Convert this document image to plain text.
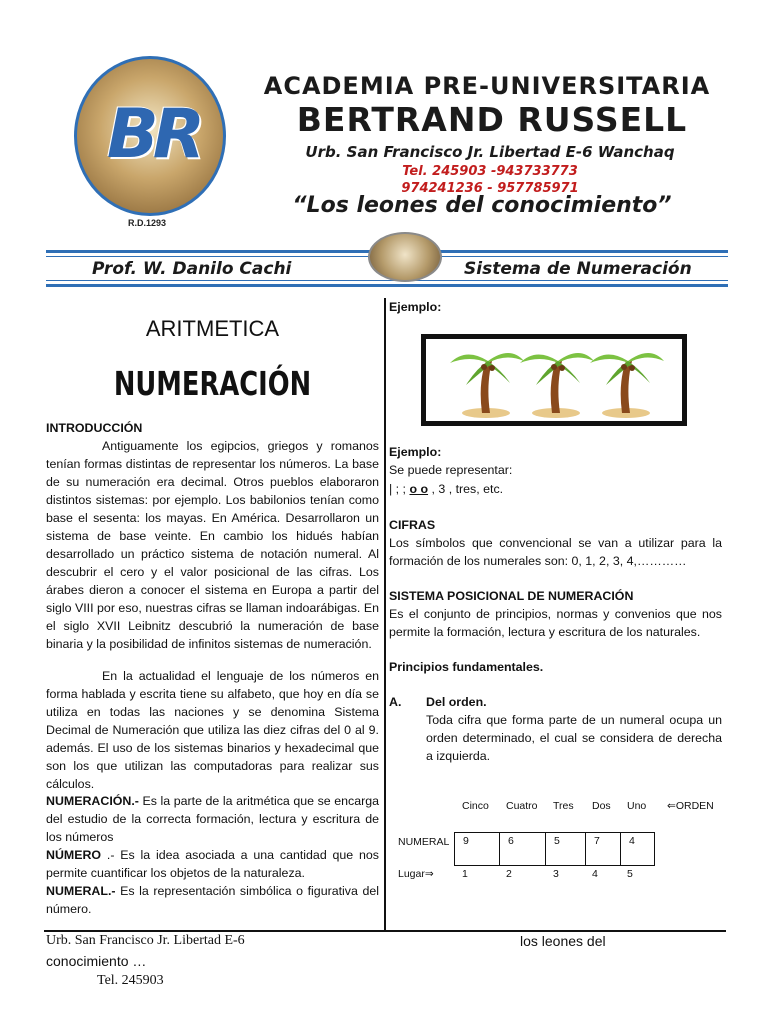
BR
R.D.1293
ACADEMIA PRE-UNIVERSITARIA
BERTRAND RUSSELL
Urb. San Francisco Jr. Libertad E-6 Wanchaq
Tel. 245903 -943733773
974241236 - 957785971
“Los leones del conocimiento”
Prof. W. Danilo Cachi	Sistema de Numeración
ARITMETICA
NUMERACIÓN
INTRODUCCIÓN
Antiguamente los egipcios, griegos y romanos tenían formas distintas de representar los números. La base de su numeración era decimal. Otros pueblos elaboraron distintos sistemas: por ejemplo. Los babilonios tenían como base el sesenta: los mayas. En América. Desarrollaron un sistema de base veinte. En cambio los hidués habían desarrollado un práctico sistema de notación numeral. Al descubrir el cero y el valor posicional de las cifras. Los árabes dieron a conocer el sistema en Europa a partir del siglo VIII por eso, nuestras cifras se llaman indoarábigas. En el siglo XVII Leibnitz descubrió la numeración de base binaria y la posibilidad de infinitos sistemas de numeración.
En la actualidad el lenguaje de los números en forma hablada y escrita tiene su alfabeto, que hoy en día se utiliza en todas las naciones y se denomina Sistema Decimal de Numeración que utiliza las diez cifras del 0 al 9. además. El uso de los sistemas binarios y hexadecimal que son los que utilizan las computadoras para realizar sus cálculos.
NUMERACIÓN.- Es la parte de la aritmética que se encarga del estudio de la correcta formación, lectura y escritura de los números
NÚMERO .- Es la idea asociada a una cantidad que nos permite cuantificar los objetos de la naturaleza.
NUMERAL.- Es la representación simbólica o figurativa del número.
Ejemplo:
Ejemplo:
Se puede representar:
| ; ; o o , 3 , tres, etc.
CIFRAS
Los símbolos que convencional se van a utilizar para la formación de los numerales son: 0, 1, 2, 3, 4,…………
SISTEMA POSICIONAL DE NUMERACIÓN
Es el conjunto de principios, normas y convenios que nos permite la formación, lectura y escritura de los naturales.
Principios fundamentales.
A. Del orden.
Toda cifra que forma parte de un numeral ocupa un orden determinado, el cual se considera de derecha a izquierda.
Cinco Cuatro Tres Dos Uno ⇐ORDEN
NUMERAL	9	6	5	7	4
Lugar⇒	1	2	3	4	5
Urb. San Francisco Jr. Libertad E-6
conocimiento …
Tel. 245903
los leones del
